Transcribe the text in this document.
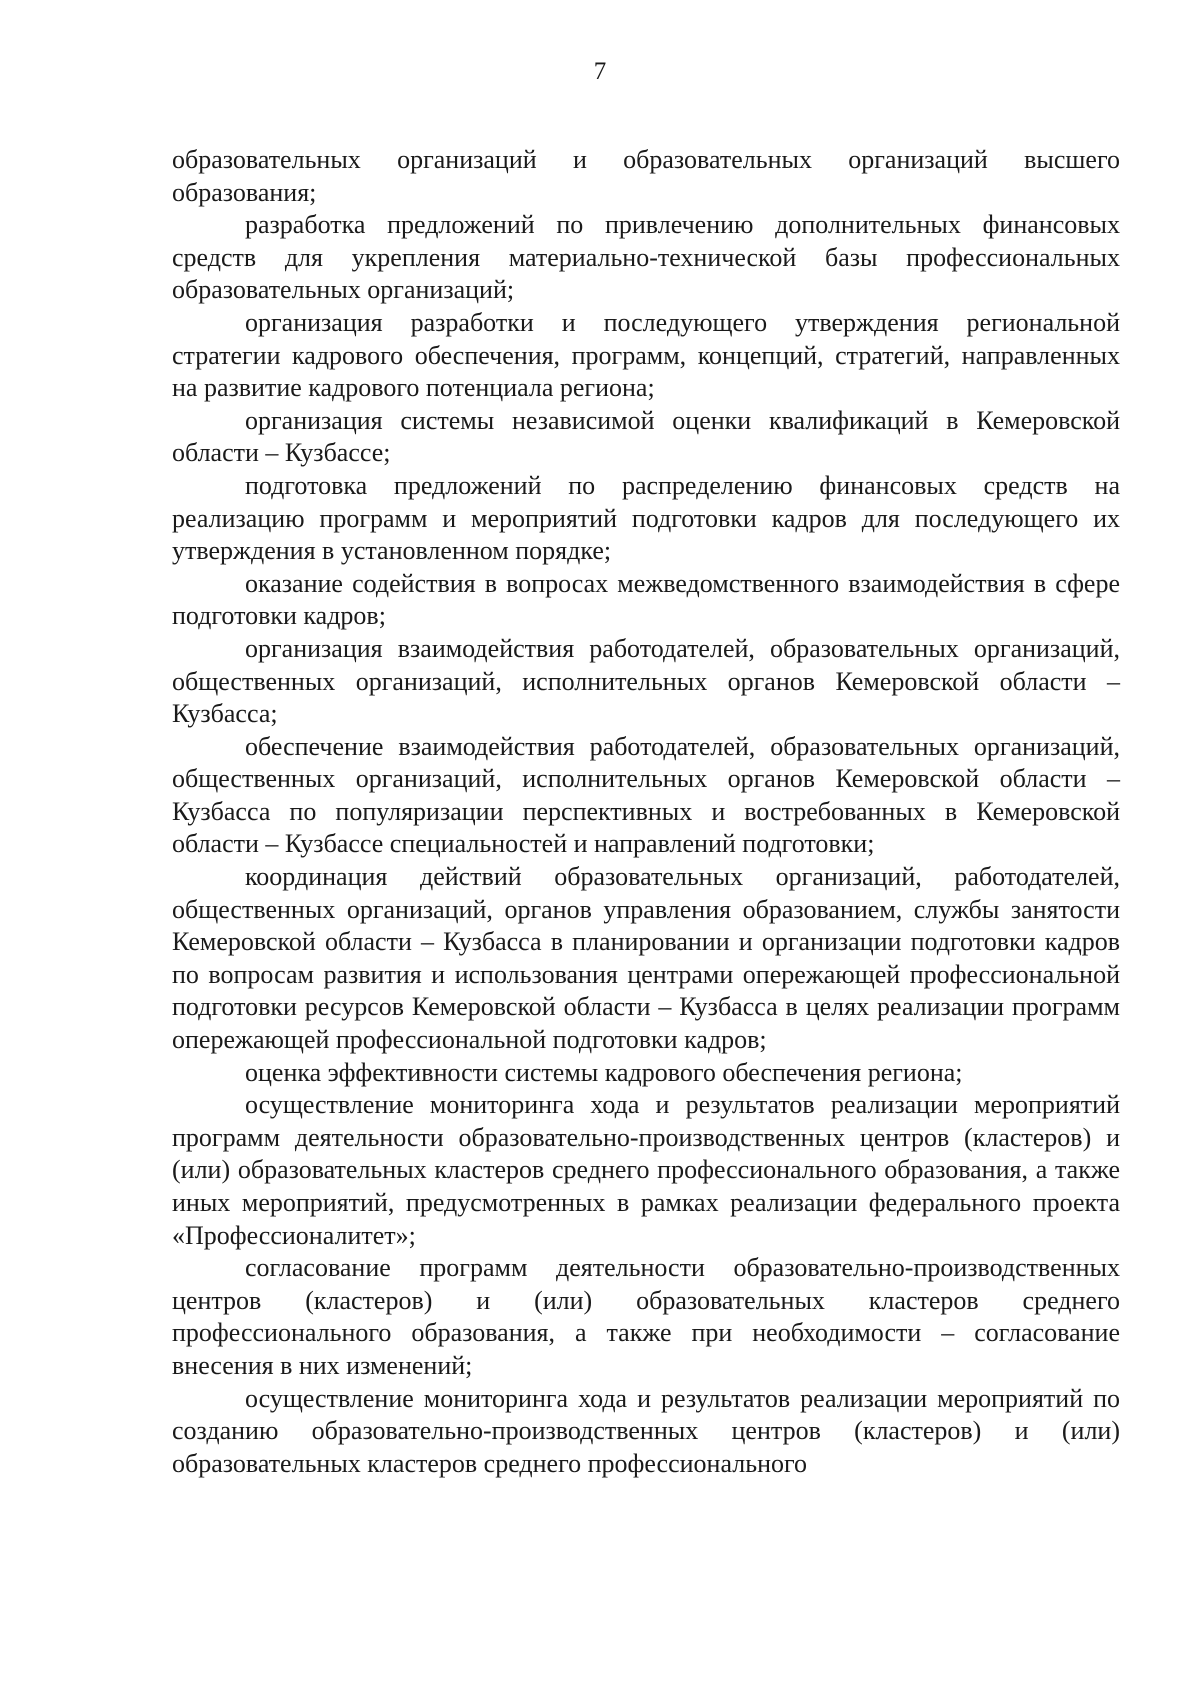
7

образовательных организаций и образовательных организаций высшего образования;

разработка предложений по привлечению дополнительных финансовых средств для укрепления материально-технической базы профессиональных образовательных организаций;

организация разработки и последующего утверждения региональной стратегии кадрового обеспечения, программ, концепций, стратегий, направленных на развитие кадрового потенциала региона;

организация системы независимой оценки квалификаций в Кемеровской области – Кузбассе;

подготовка предложений по распределению финансовых средств на реализацию программ и мероприятий подготовки кадров для последующего их утверждения в установленном порядке;

оказание содействия в вопросах межведомственного взаимодействия в сфере подготовки кадров;

организация взаимодействия работодателей, образовательных организаций, общественных организаций, исполнительных органов Кемеровской области – Кузбасса;

обеспечение взаимодействия работодателей, образовательных организаций, общественных организаций, исполнительных органов Кемеровской области – Кузбасса по популяризации перспективных и востребованных в Кемеровской области – Кузбассе специальностей и направлений подготовки;

координация действий образовательных организаций, работодателей, общественных организаций, органов управления образованием, службы занятости Кемеровской области – Кузбасса в планировании и организации подготовки кадров по вопросам развития и использования центрами опережающей профессиональной подготовки ресурсов Кемеровской области – Кузбасса в целях реализации программ опережающей профессиональной подготовки кадров;

оценка эффективности системы кадрового обеспечения региона;

осуществление мониторинга хода и результатов реализации мероприятий программ деятельности образовательно-производственных центров (кластеров) и (или) образовательных кластеров среднего профессионального образования, а также иных мероприятий, предусмотренных в рамках реализации федерального проекта «Профессионалитет»;

согласование программ деятельности образовательно-производственных центров (кластеров) и (или) образовательных кластеров среднего профессионального образования, а также при необходимости – согласование внесения в них изменений;

осуществление мониторинга хода и результатов реализации мероприятий по созданию образовательно-производственных центров (кластеров) и (или) образовательных кластеров среднего профессионального
